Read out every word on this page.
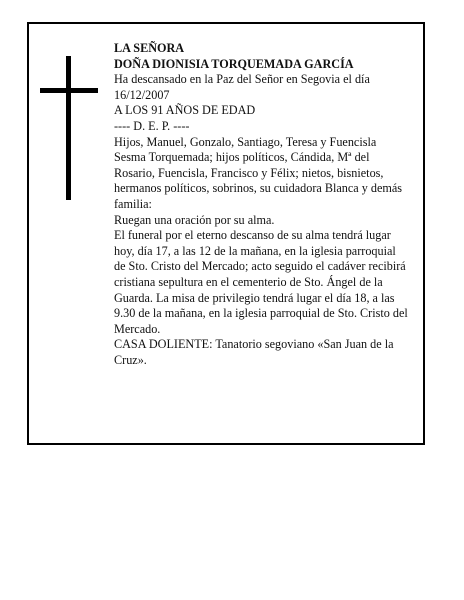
LA SEÑORA

DOÑA DIONISIA TORQUEMADA GARCÍA

Ha descansado en la Paz del Señor en Segovia el día 16/12/2007

A LOS 91 AÑOS DE EDAD

---- D. E. P. ----

Hijos, Manuel, Gonzalo, Santiago, Teresa y Fuencisla Sesma Torquemada; hijos políticos, Cándida, Mª del Rosario, Fuencisla, Francisco y Félix; nietos, bisnietos, hermanos políticos, sobrinos, su cuidadora Blanca y demás familia:

Ruegan una oración por su alma.

El funeral por el eterno descanso de su alma tendrá lugar hoy, día 17, a las 12 de la mañana, en la iglesia parroquial de Sto. Cristo del Mercado; acto seguido el cadáver recibirá cristiana sepultura en el cementerio de Sto. Ángel de la Guarda. La misa de privilegio tendrá lugar el día 18, a las 9.30 de la mañana, en la iglesia parroquial de Sto. Cristo del Mercado.

CASA DOLIENTE: Tanatorio segoviano «San Juan de la Cruz».
